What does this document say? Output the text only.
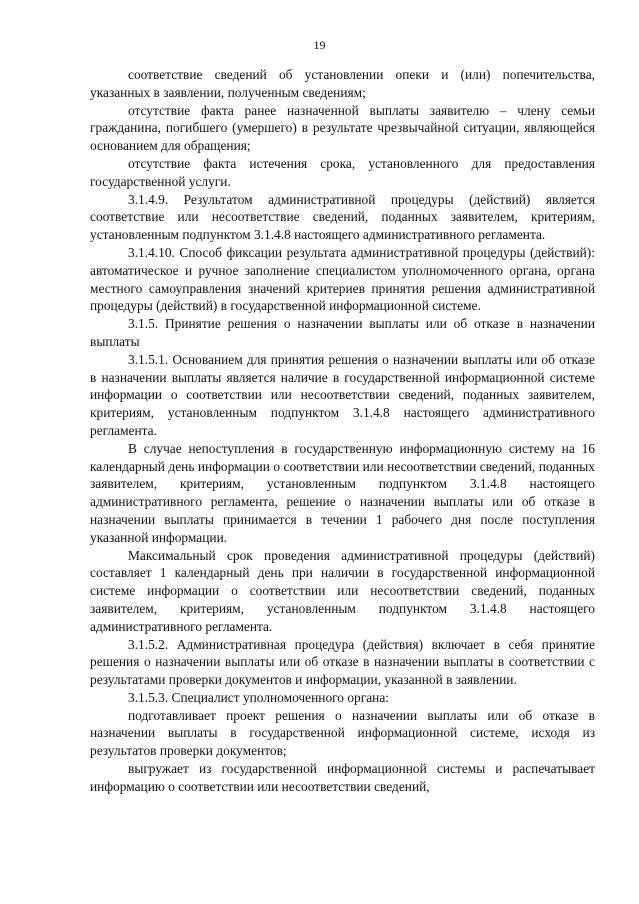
19

соответствие сведений об установлении опеки и (или) попечительства, указанных в заявлении, полученным сведениям;

отсутствие факта ранее назначенной выплаты заявителю – члену семьи гражданина, погибшего (умершего) в результате чрезвычайной ситуации, являющейся основанием для обращения;

отсутствие факта истечения срока, установленного для предоставления государственной услуги.

3.1.4.9. Результатом административной процедуры (действий) является соответствие или несоответствие сведений, поданных заявителем, критериям, установленным подпунктом 3.1.4.8 настоящего административного регламента.

3.1.4.10. Способ фиксации результата административной процедуры (действий): автоматическое и ручное заполнение специалистом уполномоченного органа, органа местного самоуправления значений критериев принятия решения административной процедуры (действий) в государственной информационной системе.

3.1.5. Принятие решения о назначении выплаты или об отказе в назначении выплаты

3.1.5.1. Основанием для принятия решения о назначении выплаты или об отказе в назначении выплаты является наличие в государственной информационной системе информации о соответствии или несоответствии сведений, поданных заявителем, критериям, установленным подпунктом 3.1.4.8 настоящего административного регламента.

В случае непоступления в государственную информационную систему на 16 календарный день информации о соответствии или несоответствии сведений, поданных заявителем, критериям, установленным подпунктом 3.1.4.8 настоящего административного регламента, решение о назначении выплаты или об отказе в назначении выплаты принимается в течении 1 рабочего дня после поступления указанной информации.

Максимальный срок проведения административной процедуры (действий) составляет 1 календарный день при наличии в государственной информационной системе информации о соответствии или несоответствии сведений, поданных заявителем, критериям, установленным подпунктом 3.1.4.8 настоящего административного регламента.

3.1.5.2. Административная процедура (действия) включает в себя принятие решения о назначении выплаты или об отказе в назначении выплаты в соответствии с результатами проверки документов и информации, указанной в заявлении.

3.1.5.3. Специалист уполномоченного органа:

подготавливает проект решения о назначении выплаты или об отказе в назначении выплаты в государственной информационной системе, исходя из результатов проверки документов;

выгружает из государственной информационной системы и распечатывает информацию о соответствии или несоответствии сведений,
